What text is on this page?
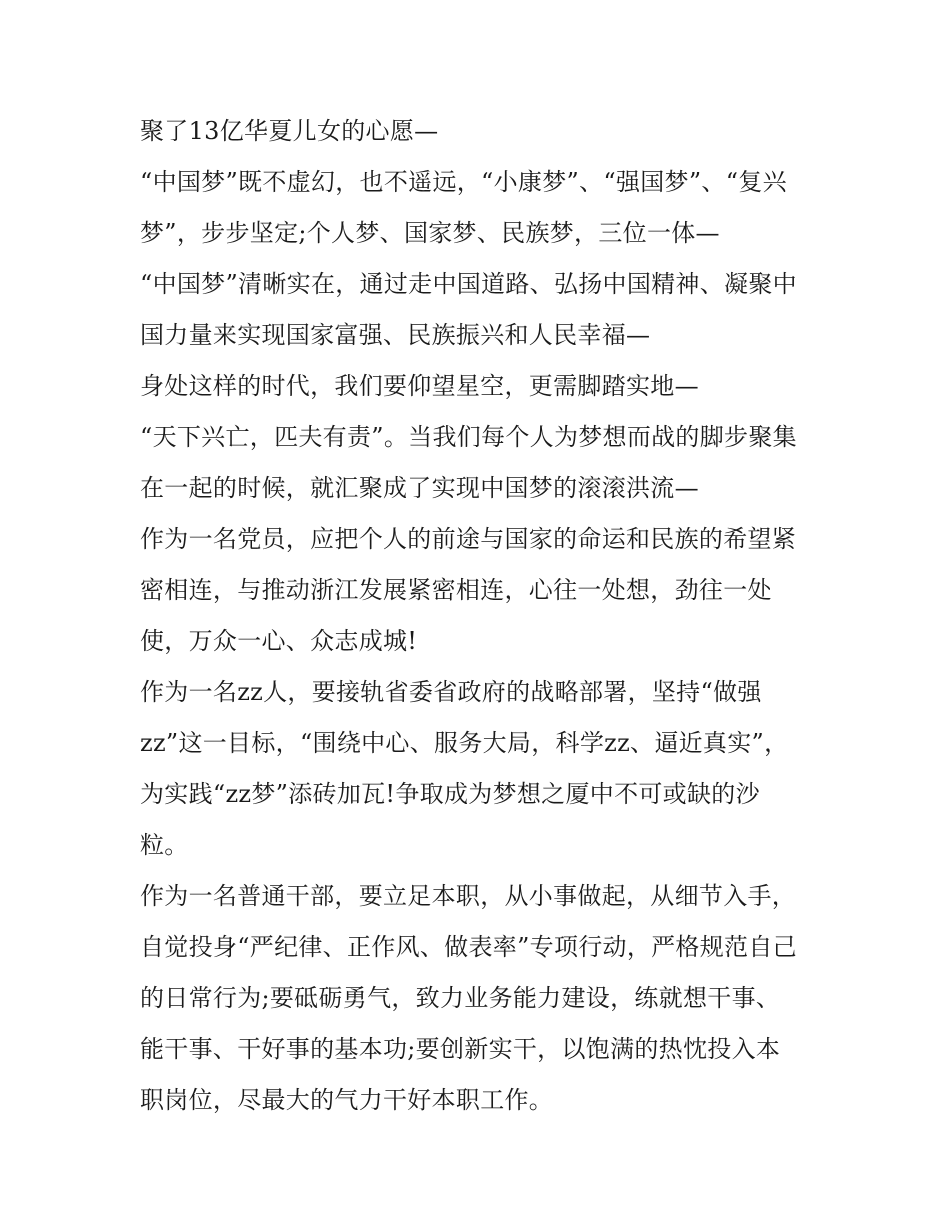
聚了13亿华夏儿女的心愿—
“中国梦”既不虚幻，也不遥远，“小康梦”、“强国梦”、“复兴
梦”，步步坚定;个人梦、国家梦、民族梦，三位一体—
“中国梦”清晰实在，通过走中国道路、弘扬中国精神、凝聚中
国力量来实现国家富强、民族振兴和人民幸福—
身处这样的时代，我们要仰望星空，更需脚踏实地—
“天下兴亡，匹夫有责”。当我们每个人为梦想而战的脚步聚集
在一起的时候，就汇聚成了实现中国梦的滚滚洪流—
作为一名党员，应把个人的前途与国家的命运和民族的希望紧
密相连，与推动浙江发展紧密相连，心往一处想，劲往一处
使，万众一心、众志成城!
作为一名zz人，要接轨省委省政府的战略部署，坚持“做强
zz”这一目标，“围绕中心、服务大局，科学zz、逼近真实”，
为实践“zz梦”添砖加瓦!争取成为梦想之厦中不可或缺的沙
粒。
作为一名普通干部，要立足本职，从小事做起，从细节入手，
自觉投身“严纪律、正作风、做表率”专项行动，严格规范自己
的日常行为;要砥砺勇气，致力业务能力建设，练就想干事、
能干事、干好事的基本功;要创新实干，以饱满的热忱投入本
职岗位，尽最大的气力干好本职工作。
